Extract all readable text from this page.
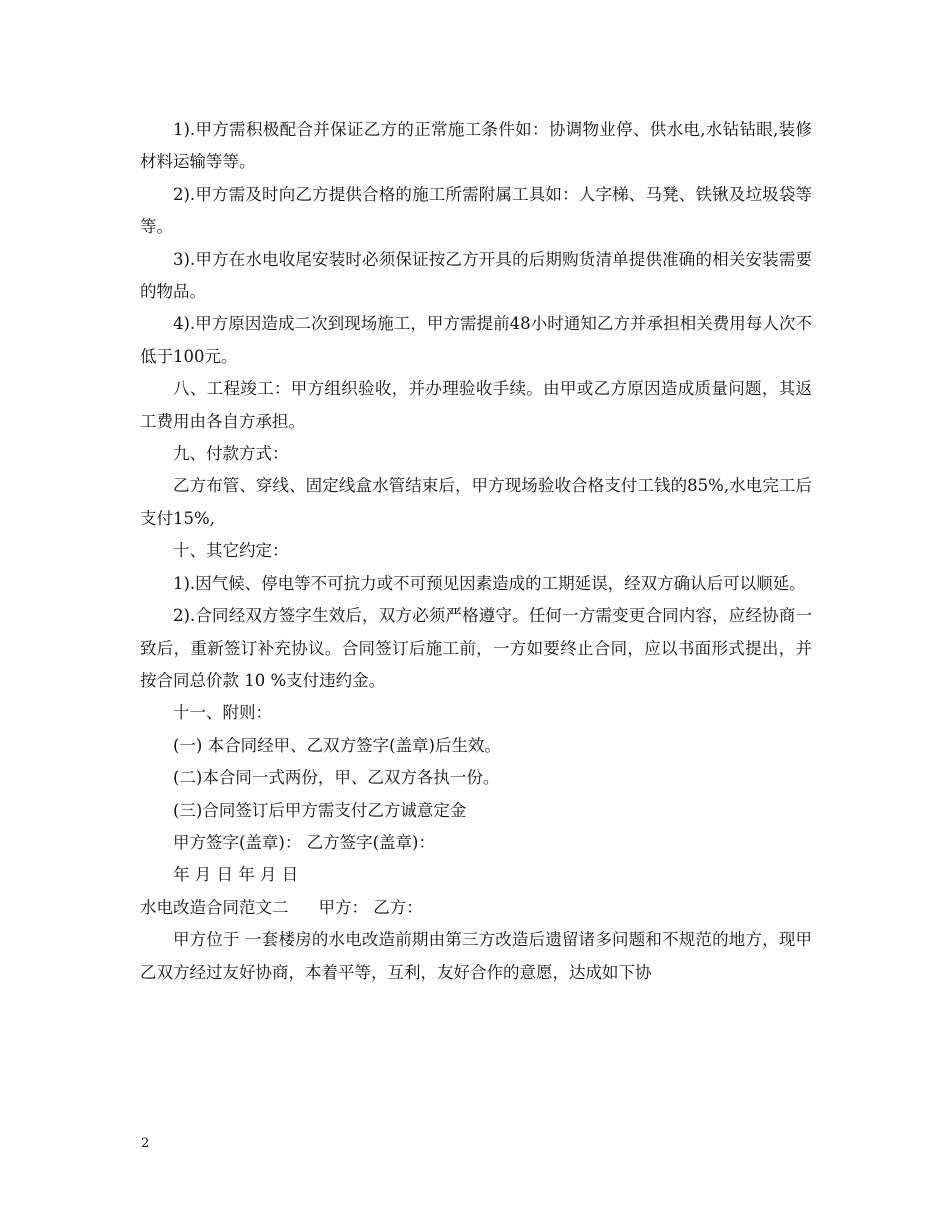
1).甲方需积极配合并保证乙方的正常施工条件如：协调物业停、供水电,水钻钻眼,装修材料运输等等。

2).甲方需及时向乙方提供合格的施工所需附属工具如：人字梯、马凳、铁锹及垃圾袋等等。

3).甲方在水电收尾安装时必须保证按乙方开具的后期购货清单提供准确的相关安装需要的物品。

4).甲方原因造成二次到现场施工，甲方需提前48小时通知乙方并承担相关费用每人次不低于100元。

八、工程竣工：甲方组织验收，并办理验收手续。由甲或乙方原因造成质量问题，其返工费用由各自方承担。

九、付款方式：

乙方布管、穿线、固定线盒水管结束后，甲方现场验收合格支付工钱的85%,水电完工后支付15%,

十、其它约定：

1).因气候、停电等不可抗力或不可预见因素造成的工期延误，经双方确认后可以顺延。

2).合同经双方签字生效后，双方必须严格遵守。任何一方需变更合同内容，应经协商一致后，重新签订补充协议。合同签订后施工前，一方如要终止合同，应以书面形式提出，并按合同总价款 10 %支付违约金。

十一、附则：

(一) 本合同经甲、乙双方签字(盖章)后生效。

(二)本合同一式两份，甲、乙双方各执一份。

(三)合同签订后甲方需支付乙方诚意定金

甲方签字(盖章)： 乙方签字(盖章)：

年 月 日 年 月 日

水电改造合同范文二 甲方： 乙方：

甲方位于 一套楼房的水电改造前期由第三方改造后遗留诸多问题和不规范的地方，现甲乙双方经过友好协商，本着平等，互利，友好合作的意愿，达成如下协

2
